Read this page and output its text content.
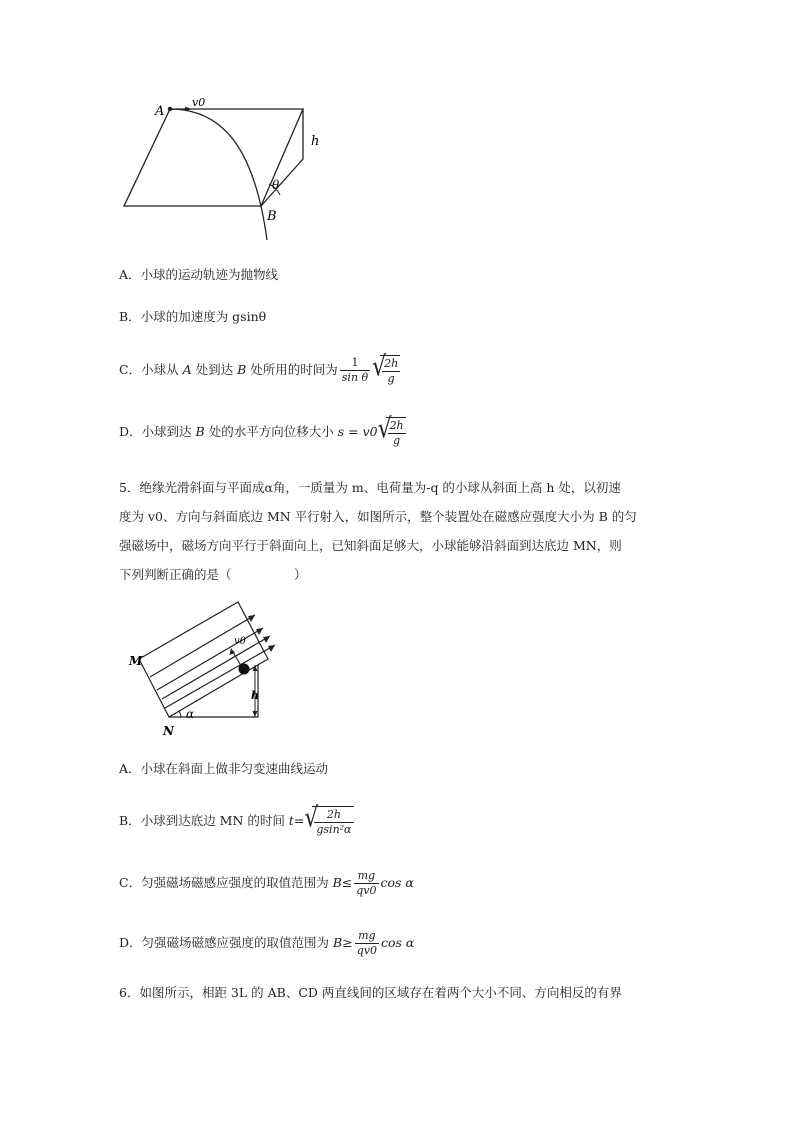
A
v0
h
θ
B
A．小球的运动轨迹为抛物线
B．小球的加速度为 gsinθ
C．小球从 A 处到达 B 处所用的时间为 $\frac{1}{\text{sin θ}}$ √
$\frac{2h}{g}$
D．小球到达 B 处的水平方向位移大小 s = v0 √
$\frac{2h}{g}$
5．绝缘光滑斜面与平面成α角，一质量为 m、电荷量为-q 的小球从斜面上高 h 处，以初速
度为 v0、方向与斜面底边 MN 平行射入，如图所示，整个装置处在磁感应强度大小为 B 的匀
强磁场中，磁场方向平行于斜面向上，已知斜面足够大，小球能够沿斜面到达底边 MN，则
下列判断正确的是（　　　　　）
M
N
v0
h
α
A．小球在斜面上做非匀变速曲线运动
B．小球到达底边 MN 的时间 t= √
$\frac{2h}{\text{gsin²α}}$
C．匀强磁场磁感应强度的取值范围为 $B\le \frac{mg}{qv0}$ cos α
D．匀强磁场磁感应强度的取值范围为 $B\ge \frac{mg}{qv0}$ cos α
6．如图所示，相距 3L 的 AB、CD 两直线间的区域存在着两个大小不同、方向相反的有界
